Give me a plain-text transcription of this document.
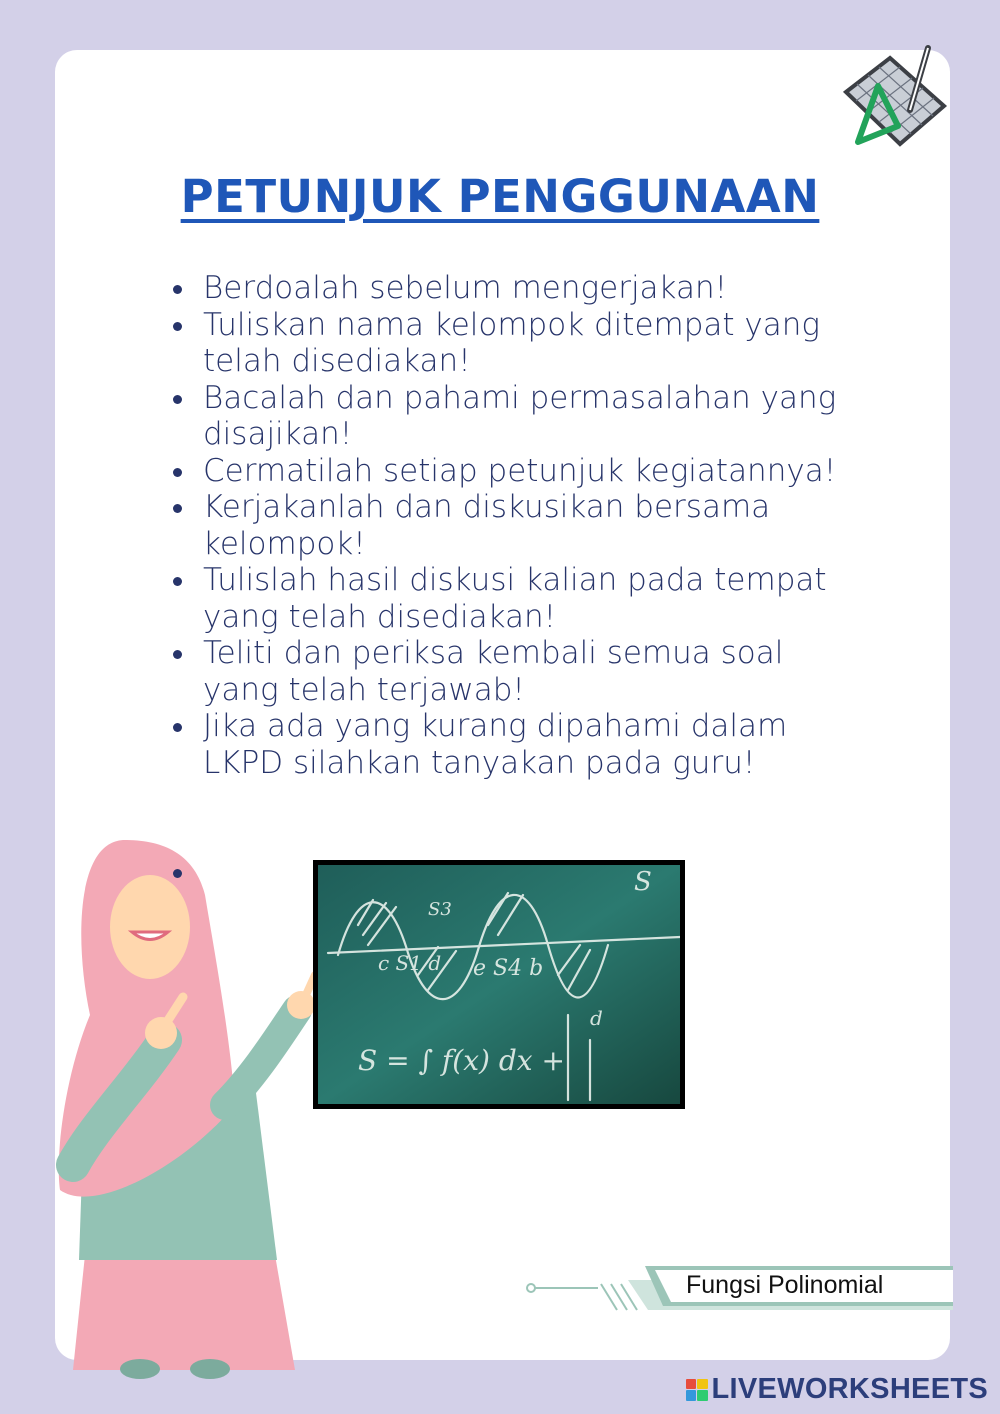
PETUNJUK PENGGUNAAN
Berdoalah sebelum mengerjakan!
Tuliskan nama kelompok ditempat yang telah disediakan!
Bacalah dan pahami permasalahan yang disajikan!
Cermatilah setiap petunjuk kegiatannya!
Kerjakanlah dan diskusikan bersama kelompok!
Tulislah hasil diskusi kalian pada tempat yang telah disediakan!
Teliti dan periksa kembali semua soal yang telah terjawab!
Jika ada yang kurang dipahami dalam LKPD silahkan tanyakan pada guru!
c S1 d e S4 b
S3
S = ∫ f(x) dx +
d
S
Fungsi Polinomial
LIVEWORKSHEETS
